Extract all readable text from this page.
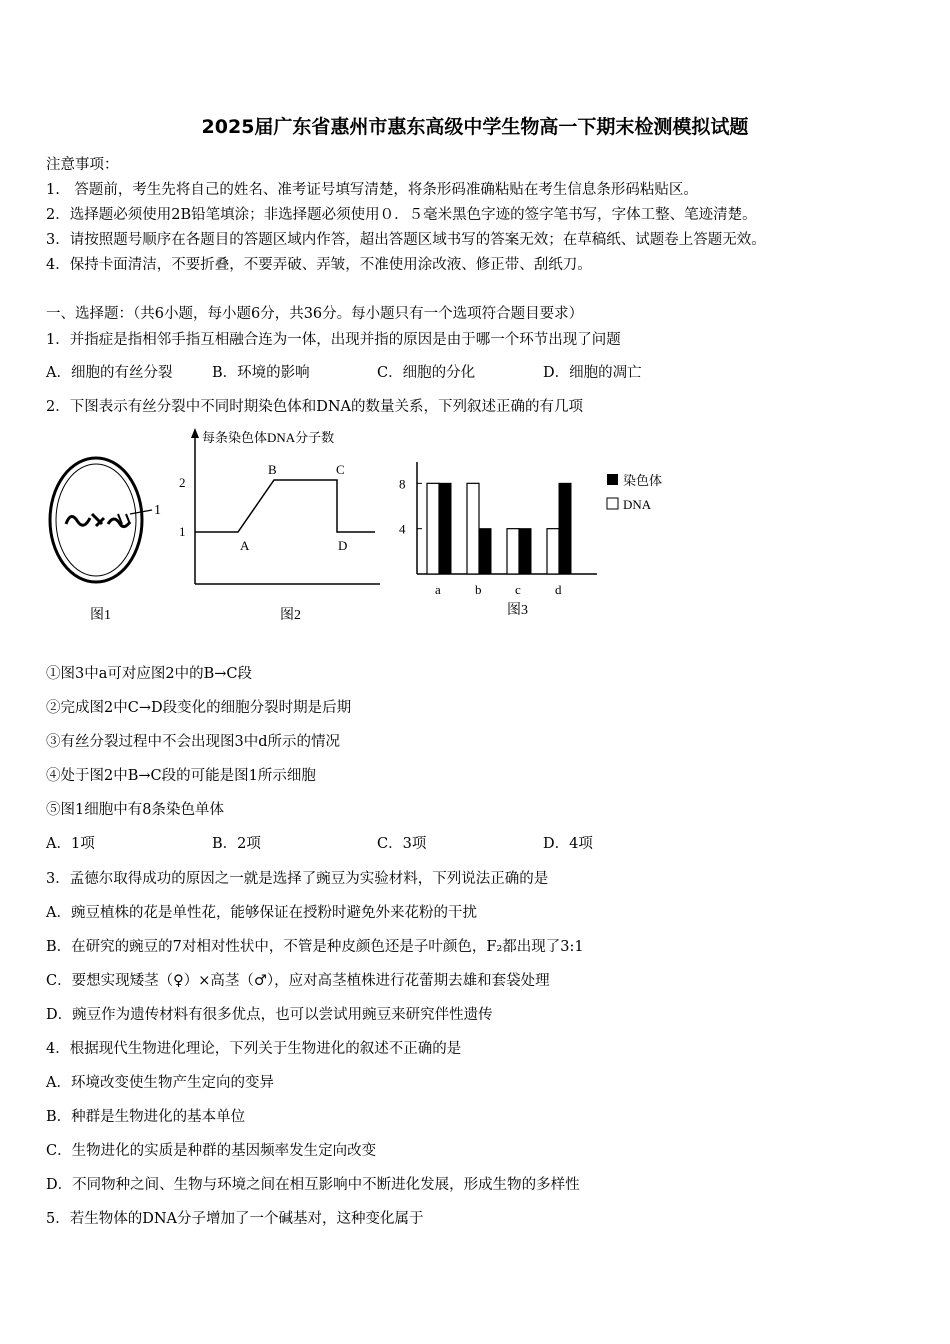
2025届广东省惠州市惠东高级中学生物高一下期末检测模拟试题
注意事项：
1.　答题前，考生先将自己的姓名、准考证号填写清楚，将条形码准确粘贴在考生信息条形码粘贴区。
2．选择题必须使用2B铅笔填涂；非选择题必须使用０．５毫米黑色字迹的签字笔书写，字体工整、笔迹清楚。
3．请按照题号顺序在各题目的答题区域内作答，超出答题区域书写的答案无效；在草稿纸、试题卷上答题无效。
4．保持卡面清洁，不要折叠，不要弄破、弄皱，不准使用涂改液、修正带、刮纸刀。
一、选择题：（共6小题，每小题6分，共36分。每小题只有一个选项符合题目要求）
1．并指症是指相邻手指互相融合连为一体，出现并指的原因是由于哪一个环节出现了问题
A．细胞的有丝分裂	B．环境的影响	C．细胞的分化	D．细胞的凋亡
2．下图表示有丝分裂中不同时期染色体和DNA的数量关系，下列叙述正确的有几项
1
图1
每条染色体DNA分子数
2
1
A
B	C
D
图2
8
4
a	b	c	d
染色体
DNA
图3
①图3中a可对应图2中的B→C段
②完成图2中C→D段变化的细胞分裂时期是后期
③有丝分裂过程中不会出现图3中d所示的情况
④处于图2中B→C段的可能是图1所示细胞
⑤图1细胞中有8条染色单体
A．1项	B．2项	C．3项	D．4项
3．孟德尔取得成功的原因之一就是选择了豌豆为实验材料，下列说法正确的是
A．豌豆植株的花是单性花，能够保证在授粉时避免外来花粉的干扰
B．在研究的豌豆的7对相对性状中，不管是种皮颜色还是子叶颜色，F₂都出现了3:1
C．要想实现矮茎（♀）×高茎（♂），应对高茎植株进行花蕾期去雄和套袋处理
D．豌豆作为遗传材料有很多优点，也可以尝试用豌豆来研究伴性遗传
4．根据现代生物进化理论，下列关于生物进化的叙述不正确的是
A．环境改变使生物产生定向的变异
B．种群是生物进化的基本单位
C．生物进化的实质是种群的基因频率发生定向改变
D．不同物种之间、生物与环境之间在相互影响中不断进化发展，形成生物的多样性
5．若生物体的DNA分子增加了一个碱基对，这种变化属于
